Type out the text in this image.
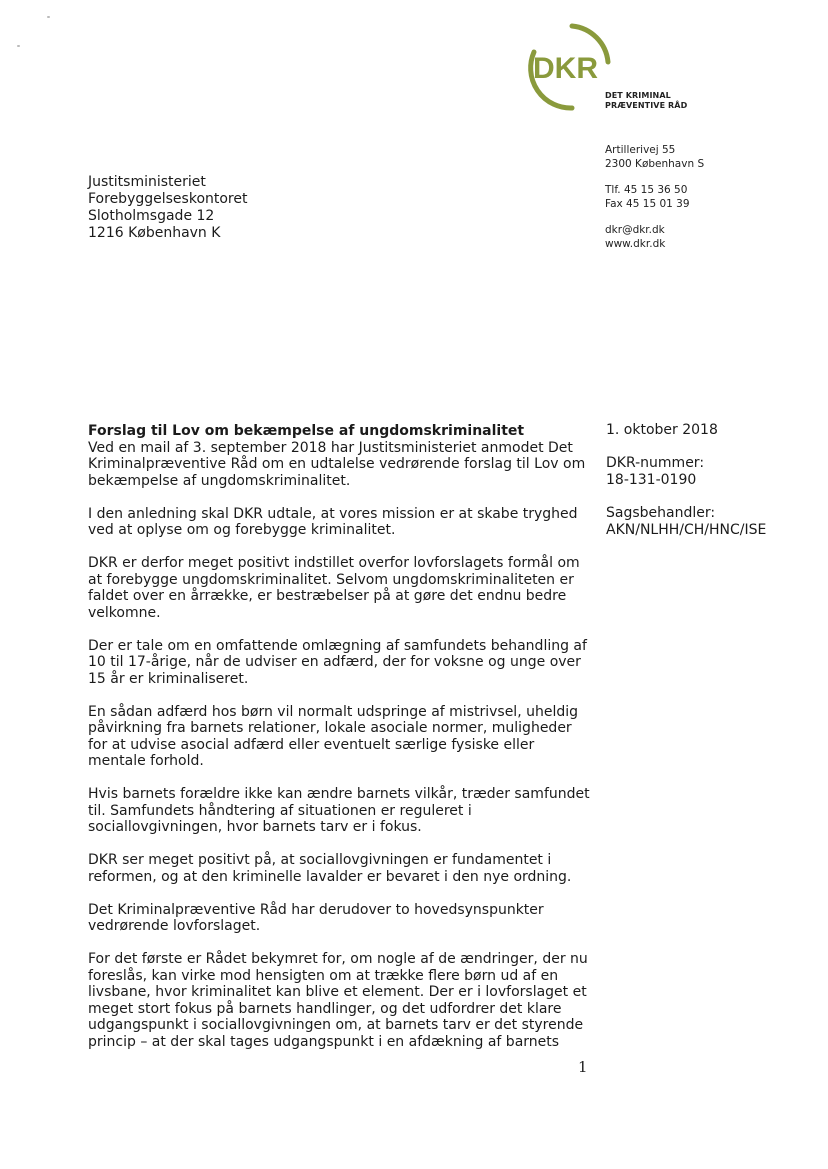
DKR
DET KRIMINAL
PRÆVENTIVE RÅD
Artillerivej 55
2300 København S
Tlf. 45 15 36 50
Fax 45 15 01 39
dkr@dkr.dk
www.dkr.dk
Justitsministeriet
Forebyggelseskontoret
Slotholmsgade 12
1216 København K
1. oktober 2018
DKR-nummer:
18-131-0190
Sagsbehandler:
AKN/NLHH/CH/HNC/ISE
Forslag til Lov om bekæmpelse af ungdomskriminalitet

Ved en mail af 3. september 2018 har Justitsministeriet anmodet Det Kriminalpræventive Råd om en udtalelse vedrørende forslag til Lov om bekæmpelse af ungdomskriminalitet.

I den anledning skal DKR udtale, at vores mission er at skabe tryghed ved at oplyse om og forebygge kriminalitet.

DKR er derfor meget positivt indstillet overfor lovforslagets formål om at forebygge ungdomskriminalitet. Selvom ungdomskriminaliteten er faldet over en årrække, er bestræbelser på at gøre det endnu bedre velkomne.

Der er tale om en omfattende omlægning af samfundets behandling af 10 til 17-årige, når de udviser en adfærd, der for voksne og unge over 15 år er kriminaliseret.

En sådan adfærd hos børn vil normalt udspringe af mistrivsel, uheldig påvirkning fra barnets relationer, lokale asociale normer, muligheder for at udvise asocial adfærd eller eventuelt særlige fysiske eller mentale forhold.

Hvis barnets forældre ikke kan ændre barnets vilkår, træder samfundet til. Samfundets håndtering af situationen er reguleret i sociallovgivningen, hvor barnets tarv er i fokus.

DKR ser meget positivt på, at sociallovgivningen er fundamentet i reformen, og at den kriminelle lavalder er bevaret i den nye ordning.

Det Kriminalpræventive Råd har derudover to hovedsynspunkter vedrørende lovforslaget.

For det første er Rådet bekymret for, om nogle af de ændringer, der nu foreslås, kan virke mod hensigten om at trække flere børn ud af en livsbane, hvor kriminalitet kan blive et element. Der er i lovforslaget et meget stort fokus på barnets handlinger, og det udfordrer det klare udgangspunkt i sociallovgivningen om, at barnets tarv er det styrende princip – at der skal tages udgangspunkt i en afdækning af barnets

1
